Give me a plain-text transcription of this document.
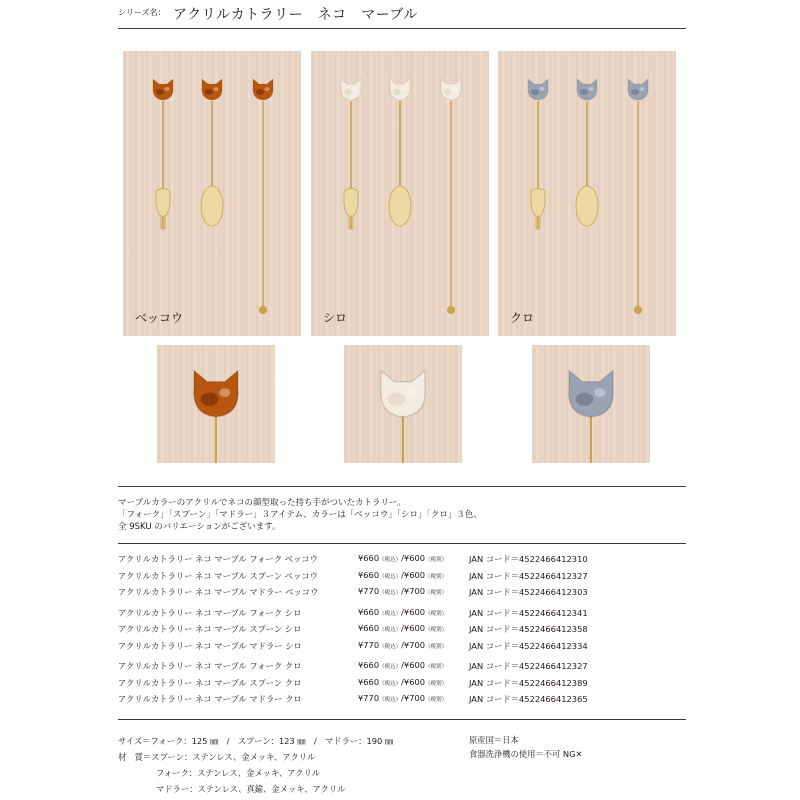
シリーズ名： アクリルカトラリー　ネコ　マーブル
ベッコウ	シロ	クロ
マーブルカラーのアクリルでネコの顔型取った持ち手がついたカトラリー。
「フォーク」「スプーン」「マドラー」３アイテム、カラーは「ベッコウ」「シロ」「クロ」３色、
全 9SKU のバリエーションがございます。
アクリルカトラリー ネコ マーブル フォーク ベッコウ	¥660（税込）/¥600（税別）	JAN コード＝4522466412310
アクリルカトラリー ネコ マーブル スプーン ベッコウ	¥660（税込）/¥600（税別）	JAN コード＝4522466412327
アクリルカトラリー ネコ マーブル マドラー ベッコウ	¥770（税込）/¥700（税別）	JAN コード＝4522466412303
アクリルカトラリー ネコ マーブル フォーク シロ	¥660（税込）/¥600（税別）	JAN コード＝4522466412341
アクリルカトラリー ネコ マーブル スプーン シロ	¥660（税込）/¥600（税別）	JAN コード＝4522466412358
アクリルカトラリー ネコ マーブル マドラー シロ	¥770（税込）/¥700（税別）	JAN コード＝4522466412334
アクリルカトラリー ネコ マーブル フォーク クロ	¥660（税込）/¥600（税別）	JAN コード＝4522466412327
アクリルカトラリー ネコ マーブル スプーン クロ	¥660（税込）/¥600（税別）	JAN コード＝4522466412389
アクリルカトラリー ネコ マーブル マドラー クロ	¥770（税込）/¥700（税別）	JAN コード＝4522466412365
サイズ＝フォーク：125 ㎜　/　スプーン：123 ㎜　/　マドラー：190 ㎜
材　質＝スプーン：ステンレス、金メッキ、アクリル
フォーク：ステンレス、金メッキ、アクリル
マドラー：ステンレス、真鍮、金メッキ、アクリル
原産国＝日本
食器洗浄機の使用＝不可 NG✕
